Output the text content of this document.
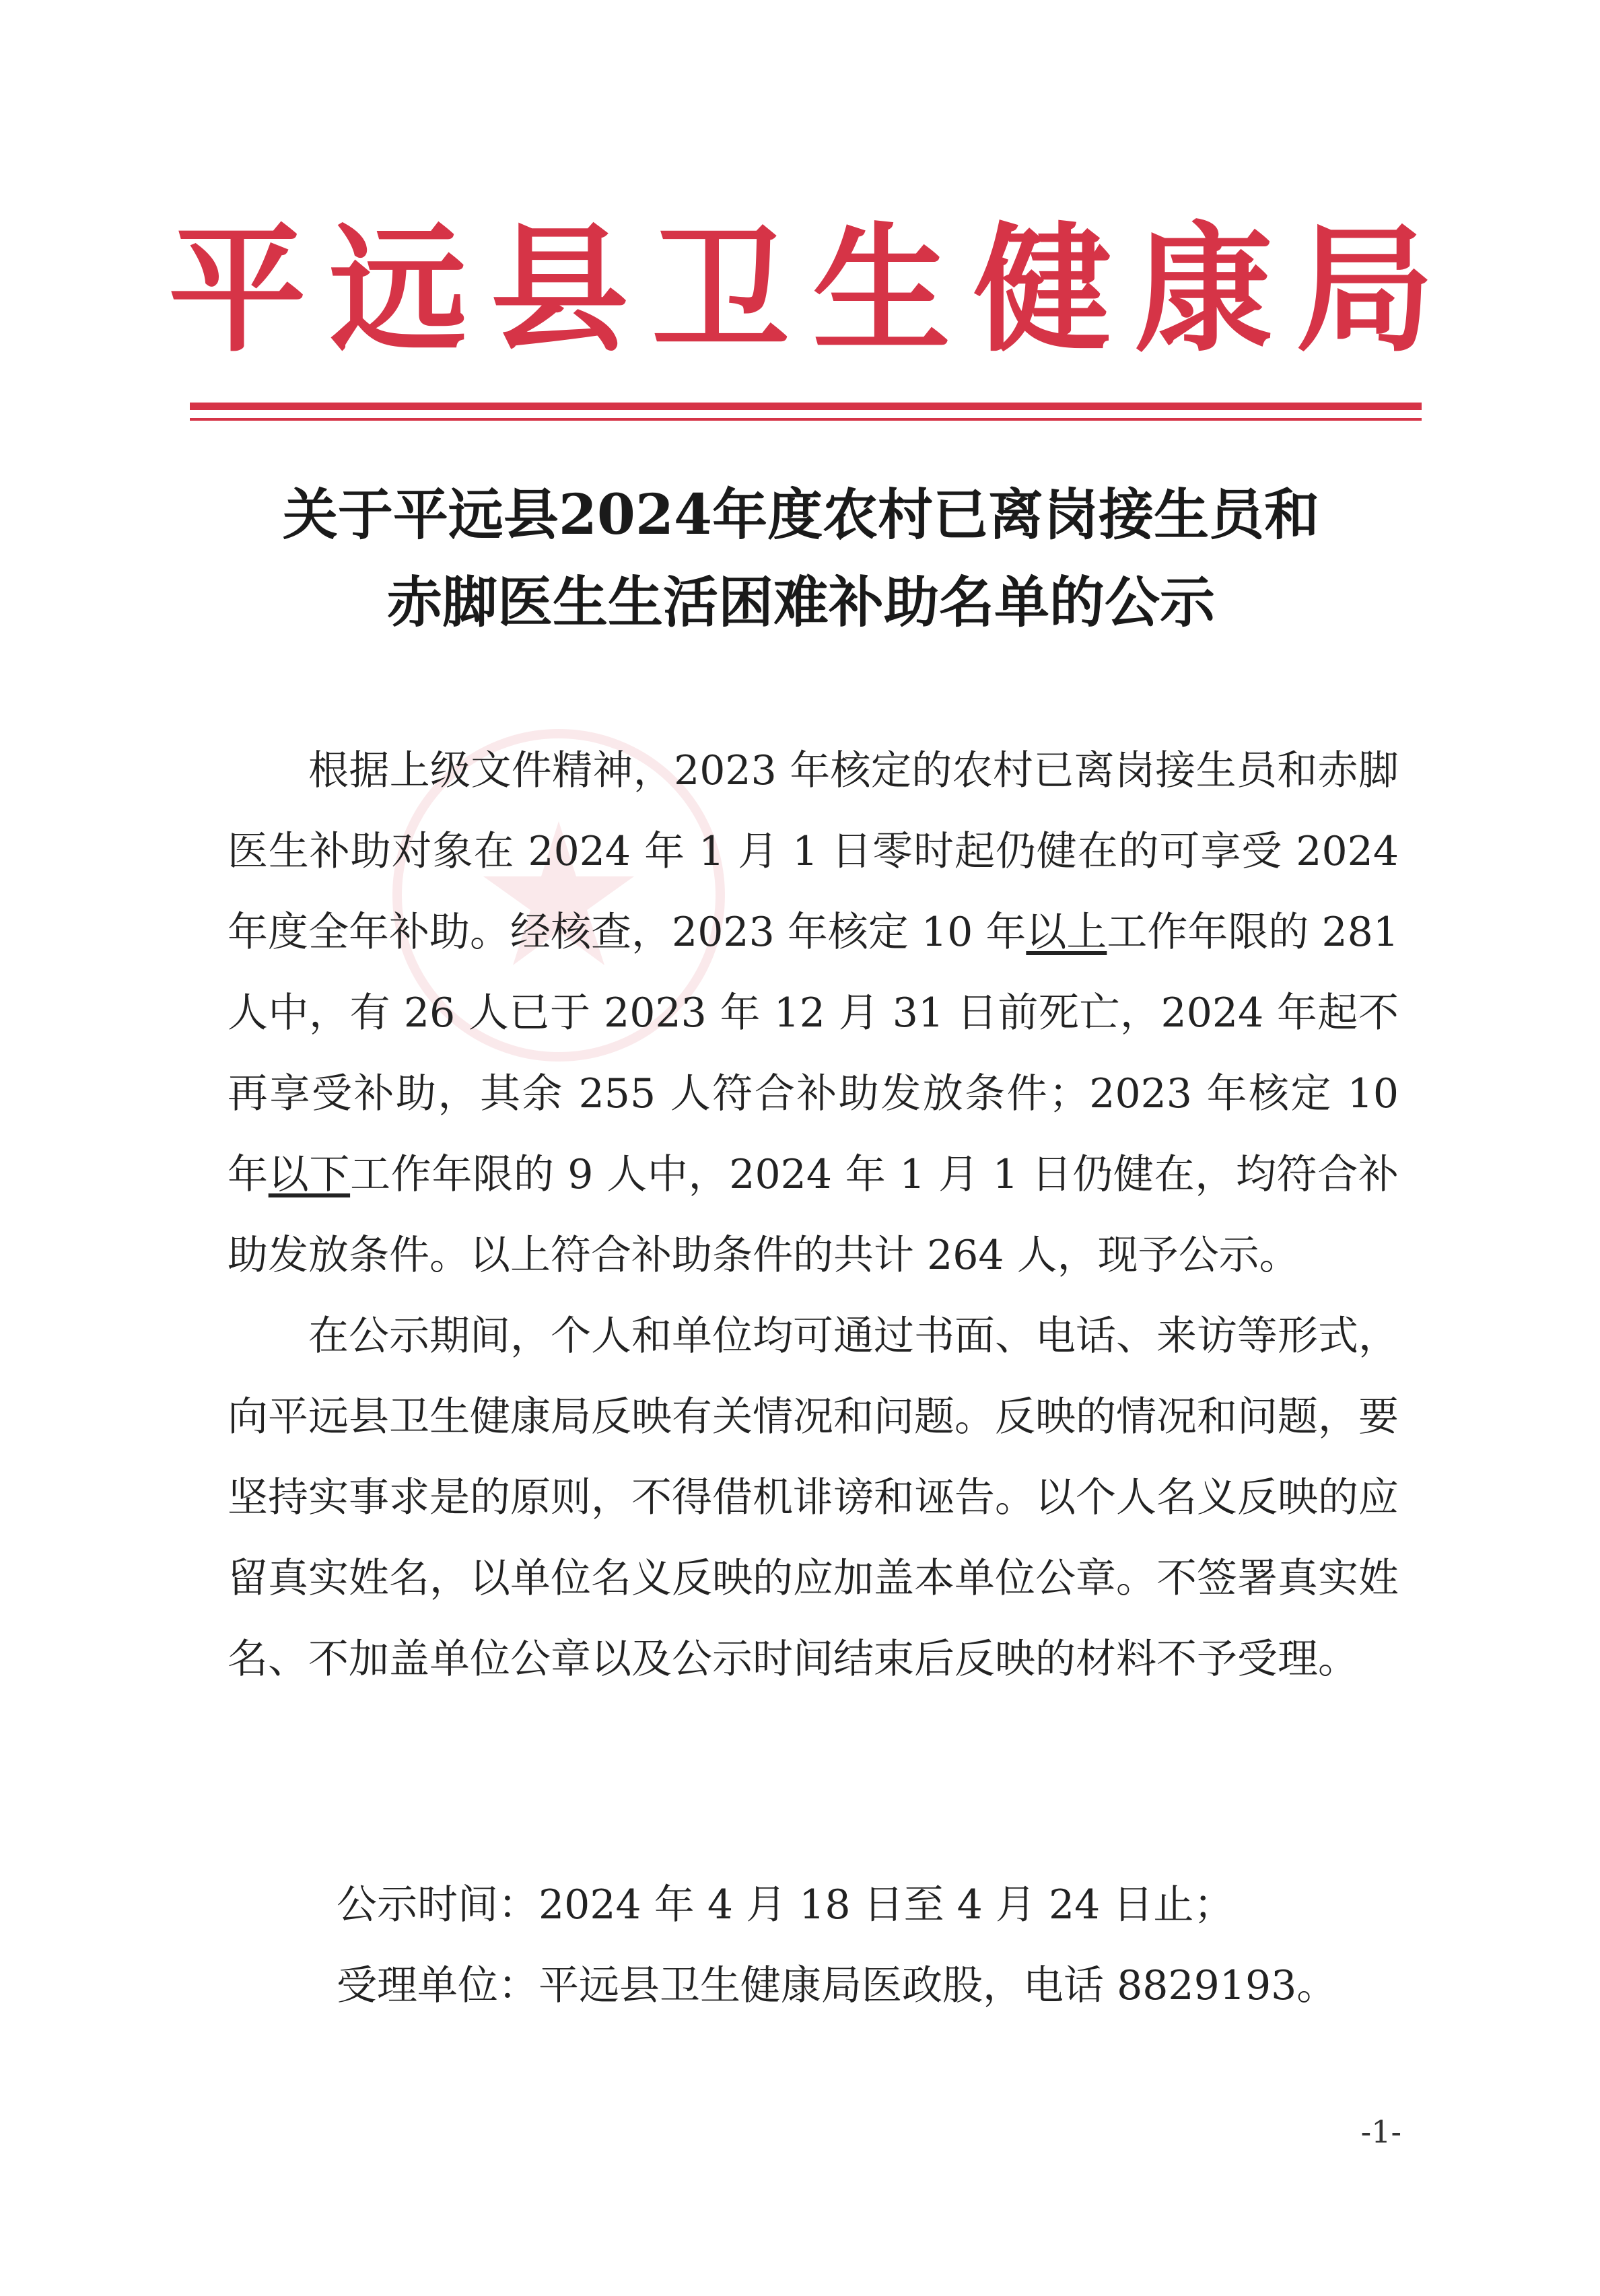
平远县卫生健康局
关于平远县2024年度农村已离岗接生员和
赤脚医生生活困难补助名单的公示

根据上级文件精神，2023 年核定的农村已离岗接生员和赤脚医生补助对象在 2024 年 1 月 1 日零时起仍健在的可享受 2024 年度全年补助。经核查，2023 年核定 10 年以上工作年限的 281 人中，有 26 人已于 2023 年 12 月 31 日前死亡，2024 年起不再享受补助，其余 255 人符合补助发放条件；2023 年核定 10 年以下工作年限的 9 人中，2024 年 1 月 1 日仍健在，均符合补助发放条件。以上符合补助条件的共计 264 人，现予公示。

在公示期间，个人和单位均可通过书面、电话、来访等形式，向平远县卫生健康局反映有关情况和问题。反映的情况和问题，要坚持实事求是的原则，不得借机诽谤和诬告。以个人名义反映的应留真实姓名，以单位名义反映的应加盖本单位公章。不签署真实姓名、不加盖单位公章以及公示时间结束后反映的材料不予受理。

公示时间：2024 年 4 月 18 日至 4 月 24 日止；
受理单位：平远县卫生健康局医政股，电话 8829193。
-1-
